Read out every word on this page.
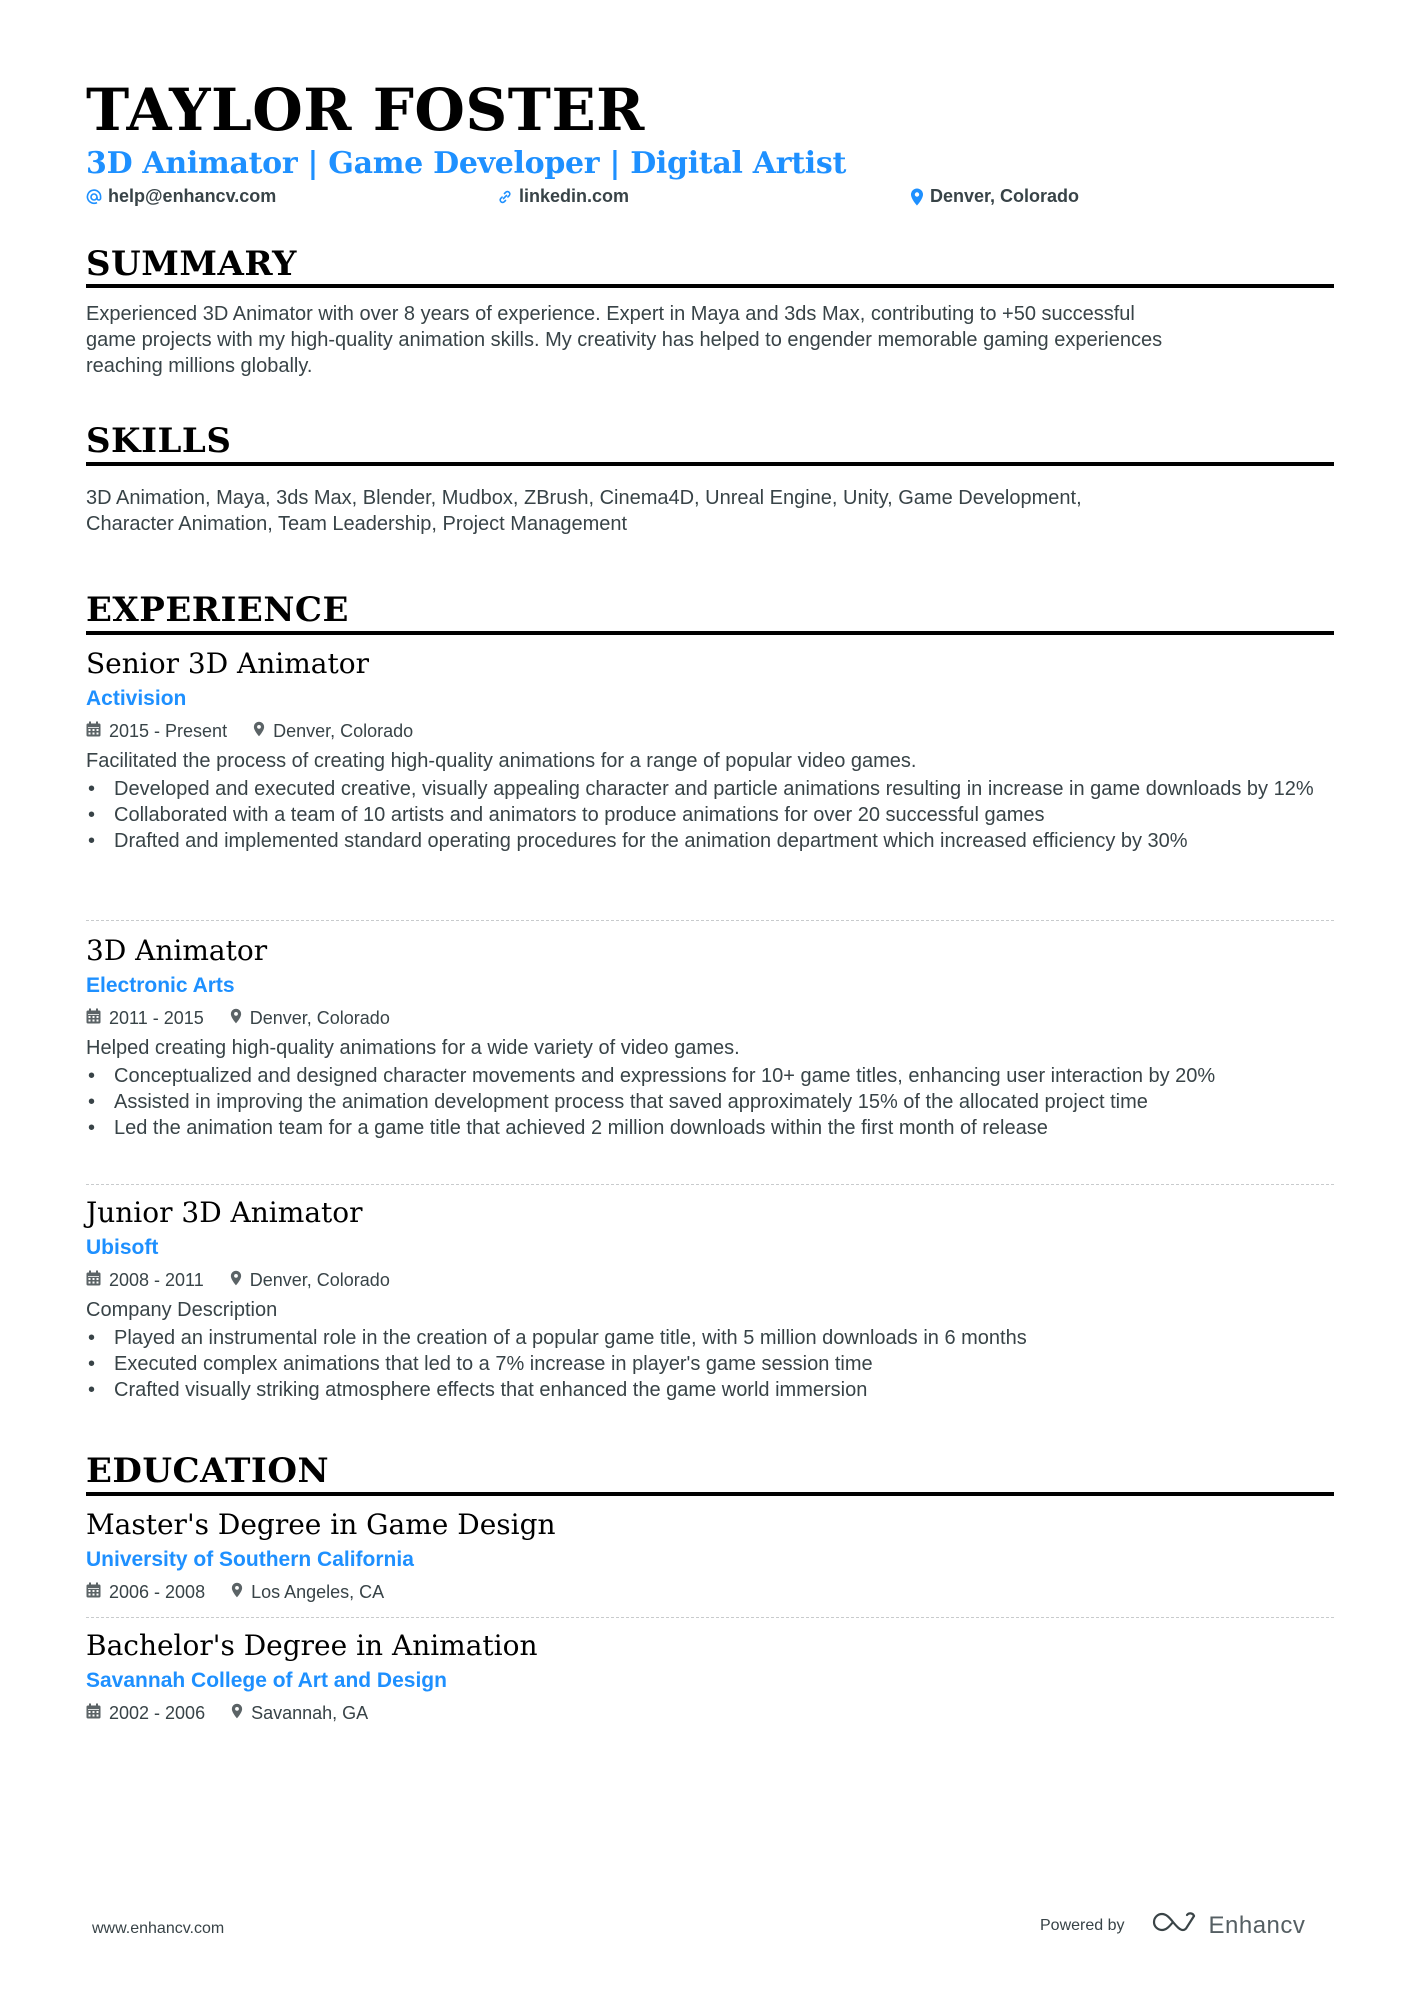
TAYLOR FOSTER
3D Animator | Game Developer | Digital Artist
help@enhancv.com	linkedin.com	Denver, Colorado
SUMMARY
Experienced 3D Animator with over 8 years of experience. Expert in Maya and 3ds Max, contributing to +50 successful
game projects with my high-quality animation skills. My creativity has helped to engender memorable gaming experiences
reaching millions globally.
SKILLS
3D Animation, Maya, 3ds Max, Blender, Mudbox, ZBrush, Cinema4D, Unreal Engine, Unity, Game Development,
Character Animation, Team Leadership, Project Management
EXPERIENCE
Senior 3D Animator
Activision
2015 - Present	Denver, Colorado
Facilitated the process of creating high-quality animations for a range of popular video games.
• Developed and executed creative, visually appealing character and particle animations resulting in increase in game downloads by 12%
• Collaborated with a team of 10 artists and animators to produce animations for over 20 successful games
• Drafted and implemented standard operating procedures for the animation department which increased efficiency by 30%
3D Animator
Electronic Arts
2011 - 2015	Denver, Colorado
Helped creating high-quality animations for a wide variety of video games.
• Conceptualized and designed character movements and expressions for 10+ game titles, enhancing user interaction by 20%
• Assisted in improving the animation development process that saved approximately 15% of the allocated project time
• Led the animation team for a game title that achieved 2 million downloads within the first month of release
Junior 3D Animator
Ubisoft
2008 - 2011	Denver, Colorado
Company Description
• Played an instrumental role in the creation of a popular game title, with 5 million downloads in 6 months
• Executed complex animations that led to a 7% increase in player's game session time
• Crafted visually striking atmosphere effects that enhanced the game world immersion
EDUCATION
Master's Degree in Game Design
University of Southern California
2006 - 2008	Los Angeles, CA
Bachelor's Degree in Animation
Savannah College of Art and Design
2002 - 2006	Savannah, GA
www.enhancv.com	Powered by	Enhancv
